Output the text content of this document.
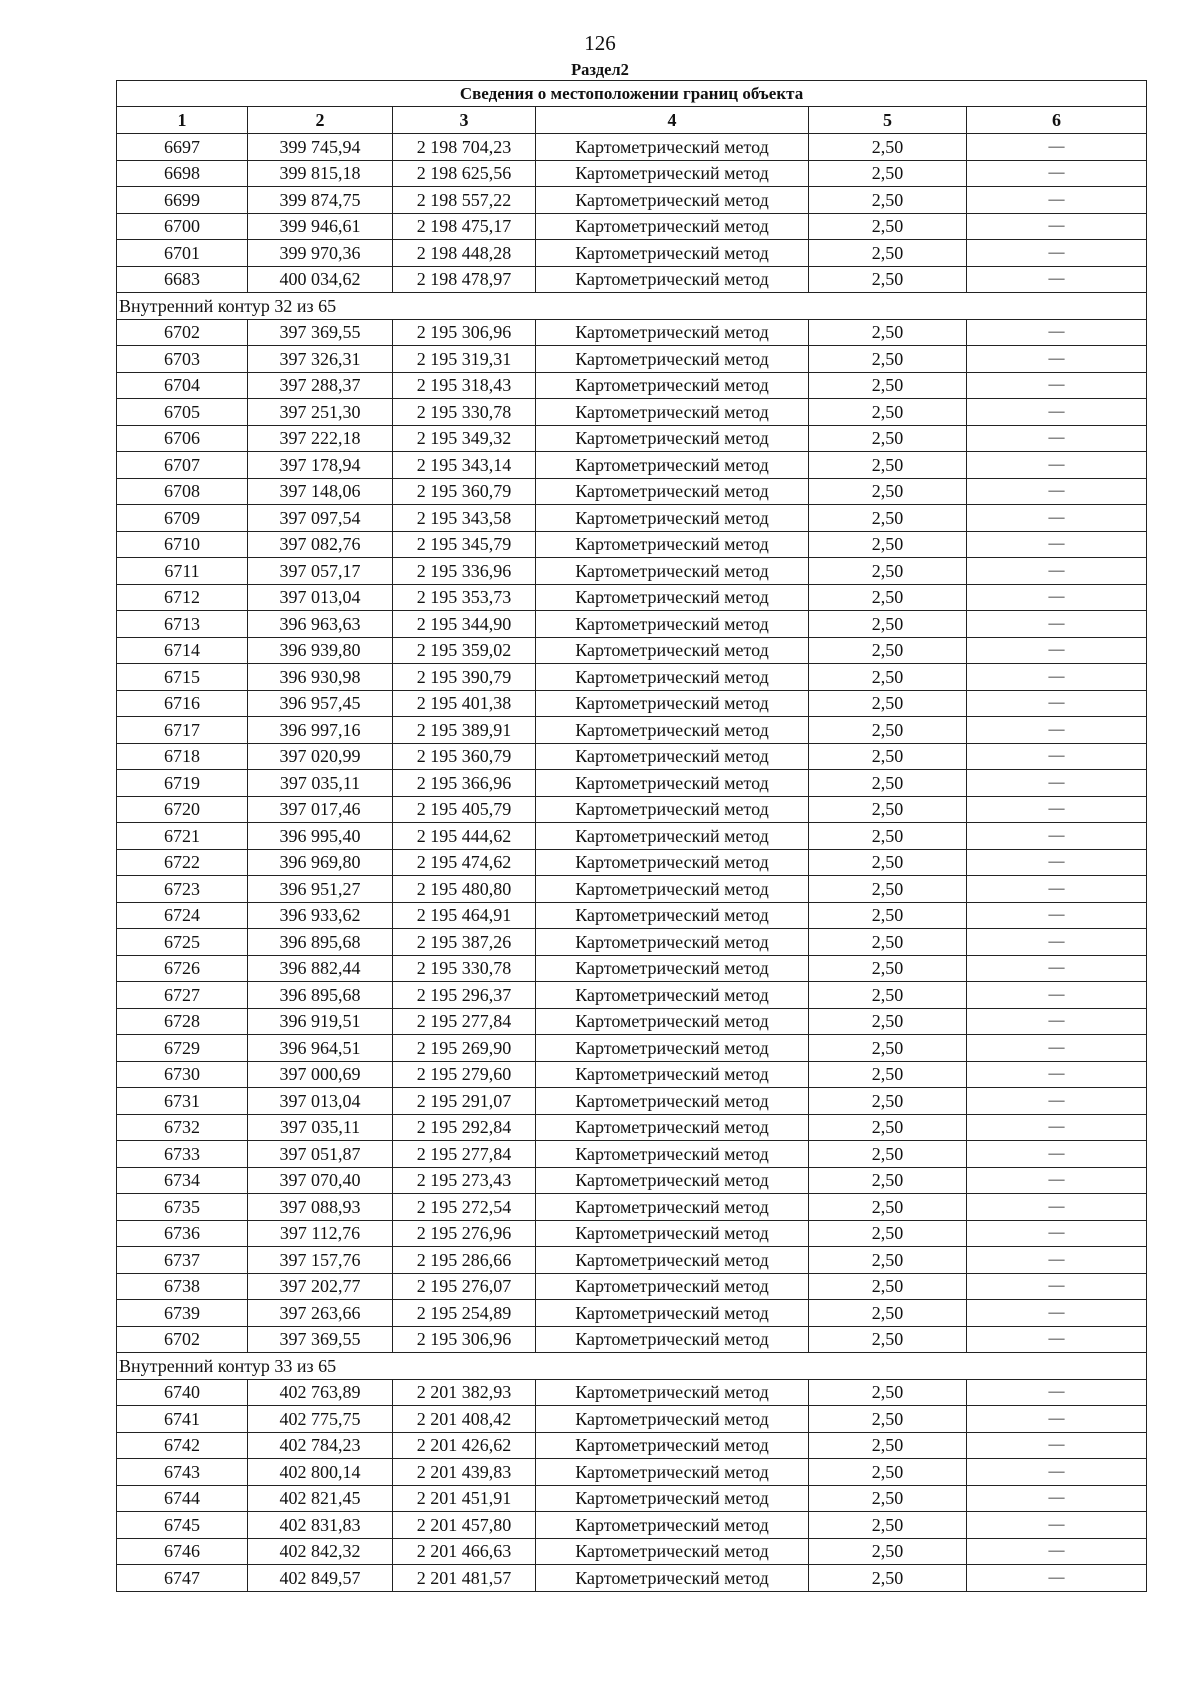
126
Раздел2
Сведения о местоположении границ объекта					
1	2	3	4	5	6
6697	399 745,94	2 198 704,23	Картометрический метод	2,50	—
6698	399 815,18	2 198 625,56	Картометрический метод	2,50	—
6699	399 874,75	2 198 557,22	Картометрический метод	2,50	—
6700	399 946,61	2 198 475,17	Картометрический метод	2,50	—
6701	399 970,36	2 198 448,28	Картометрический метод	2,50	—
6683	400 034,62	2 198 478,97	Картометрический метод	2,50	—
Внутренний контур 32 из 65					
6702	397 369,55	2 195 306,96	Картометрический метод	2,50	—
6703	397 326,31	2 195 319,31	Картометрический метод	2,50	—
6704	397 288,37	2 195 318,43	Картометрический метод	2,50	—
6705	397 251,30	2 195 330,78	Картометрический метод	2,50	—
6706	397 222,18	2 195 349,32	Картометрический метод	2,50	—
6707	397 178,94	2 195 343,14	Картометрический метод	2,50	—
6708	397 148,06	2 195 360,79	Картометрический метод	2,50	—
6709	397 097,54	2 195 343,58	Картометрический метод	2,50	—
6710	397 082,76	2 195 345,79	Картометрический метод	2,50	—
6711	397 057,17	2 195 336,96	Картометрический метод	2,50	—
6712	397 013,04	2 195 353,73	Картометрический метод	2,50	—
6713	396 963,63	2 195 344,90	Картометрический метод	2,50	—
6714	396 939,80	2 195 359,02	Картометрический метод	2,50	—
6715	396 930,98	2 195 390,79	Картометрический метод	2,50	—
6716	396 957,45	2 195 401,38	Картометрический метод	2,50	—
6717	396 997,16	2 195 389,91	Картометрический метод	2,50	—
6718	397 020,99	2 195 360,79	Картометрический метод	2,50	—
6719	397 035,11	2 195 366,96	Картометрический метод	2,50	—
6720	397 017,46	2 195 405,79	Картометрический метод	2,50	—
6721	396 995,40	2 195 444,62	Картометрический метод	2,50	—
6722	396 969,80	2 195 474,62	Картометрический метод	2,50	—
6723	396 951,27	2 195 480,80	Картометрический метод	2,50	—
6724	396 933,62	2 195 464,91	Картометрический метод	2,50	—
6725	396 895,68	2 195 387,26	Картометрический метод	2,50	—
6726	396 882,44	2 195 330,78	Картометрический метод	2,50	—
6727	396 895,68	2 195 296,37	Картометрический метод	2,50	—
6728	396 919,51	2 195 277,84	Картометрический метод	2,50	—
6729	396 964,51	2 195 269,90	Картометрический метод	2,50	—
6730	397 000,69	2 195 279,60	Картометрический метод	2,50	—
6731	397 013,04	2 195 291,07	Картометрический метод	2,50	—
6732	397 035,11	2 195 292,84	Картометрический метод	2,50	—
6733	397 051,87	2 195 277,84	Картометрический метод	2,50	—
6734	397 070,40	2 195 273,43	Картометрический метод	2,50	—
6735	397 088,93	2 195 272,54	Картометрический метод	2,50	—
6736	397 112,76	2 195 276,96	Картометрический метод	2,50	—
6737	397 157,76	2 195 286,66	Картометрический метод	2,50	—
6738	397 202,77	2 195 276,07	Картометрический метод	2,50	—
6739	397 263,66	2 195 254,89	Картометрический метод	2,50	—
6702	397 369,55	2 195 306,96	Картометрический метод	2,50	—
Внутренний контур 33 из 65					
6740	402 763,89	2 201 382,93	Картометрический метод	2,50	—
6741	402 775,75	2 201 408,42	Картометрический метод	2,50	—
6742	402 784,23	2 201 426,62	Картометрический метод	2,50	—
6743	402 800,14	2 201 439,83	Картометрический метод	2,50	—
6744	402 821,45	2 201 451,91	Картометрический метод	2,50	—
6745	402 831,83	2 201 457,80	Картометрический метод	2,50	—
6746	402 842,32	2 201 466,63	Картометрический метод	2,50	—
6747	402 849,57	2 201 481,57	Картометрический метод	2,50	—
